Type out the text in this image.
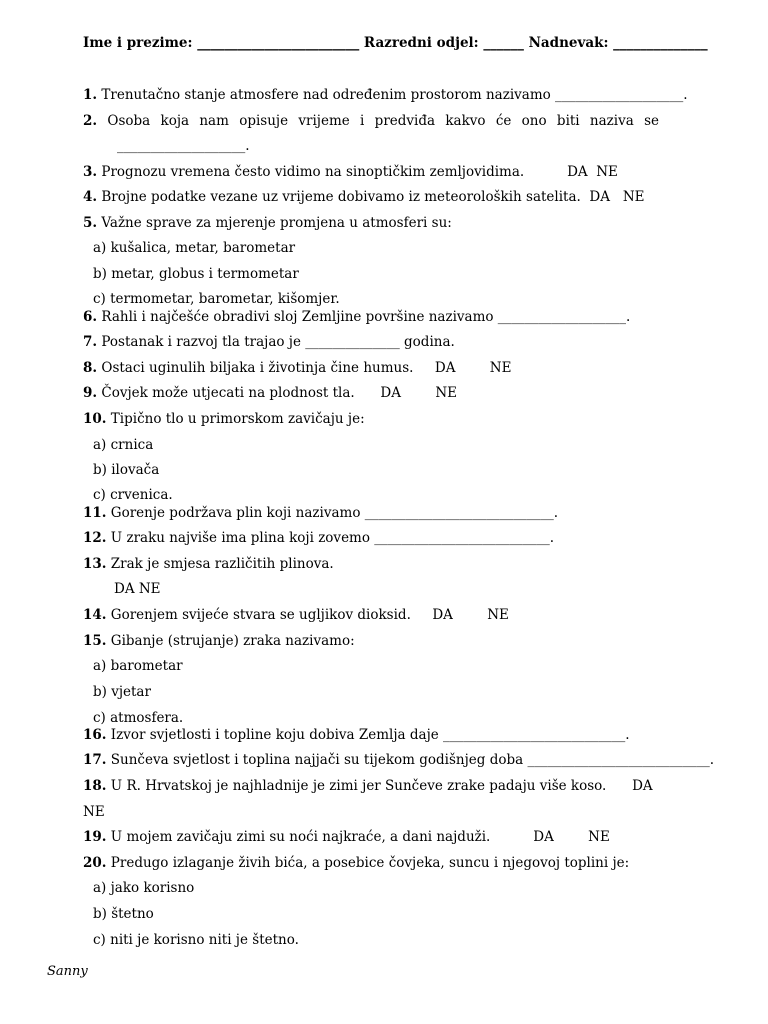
Ime i prezime: ________________________ Razredni odjel: ______ Nadnevak: ______________
1. Trenutačno stanje atmosfere nad određenim prostorom nazivamo ___________________.
2. Osoba koja nam opisuje vrijeme i predviđa kakvo će ono biti naziva se
___________________.
3. Prognozu vremena često vidimo na sinoptičkim zemljovidima.          DA  NE
4. Brojne podatke vezane uz vrijeme dobivamo iz meteoroloških satelita.  DA   NE
5. Važne sprave za mjerenje promjena u atmosferi su:
a) kušalica, metar, barometar
b) metar, globus i termometar
c) termometar, barometar, kišomjer.
6. Rahli i najčešće obradivi sloj Zemljine površine nazivamo ___________________.
7. Postanak i razvoj tla trajao je ______________ godina.
8. Ostaci uginulih biljaka i životinja čine humus.     DA        NE
9. Čovjek može utjecati na plodnost tla.      DA        NE
10. Tipično tlo u primorskom zavičaju je:
a) crnica
b) ilovača
c) crvenica.
11. Gorenje podržava plin koji nazivamo ____________________________.
12. U zraku najviše ima plina koji zovemo __________________________.
13. Zrak je smjesa različitih plinova.
DA NE
14. Gorenjem svijeće stvara se ugljikov dioksid.     DA        NE
15. Gibanje (strujanje) zraka nazivamo:
a) barometar
b) vjetar
c) atmosfera.
16. Izvor svjetlosti i topline koju dobiva Zemlja daje ___________________________.
17. Sunčeva svjetlost i toplina najjači su tijekom godišnjeg doba ___________________________.
18. U R. Hrvatskoj je najhladnije je zimi jer Sunčeve zrake padaju više koso.      DA
NE
19. U mojem zavičaju zimi su noći najkraće, a dani najduži.          DA        NE
20. Predugo izlaganje živih bića, a posebice čovjeka, suncu i njegovoj toplini je:
a) jako korisno
b) štetno
c) niti je korisno niti je štetno.
Sanny
